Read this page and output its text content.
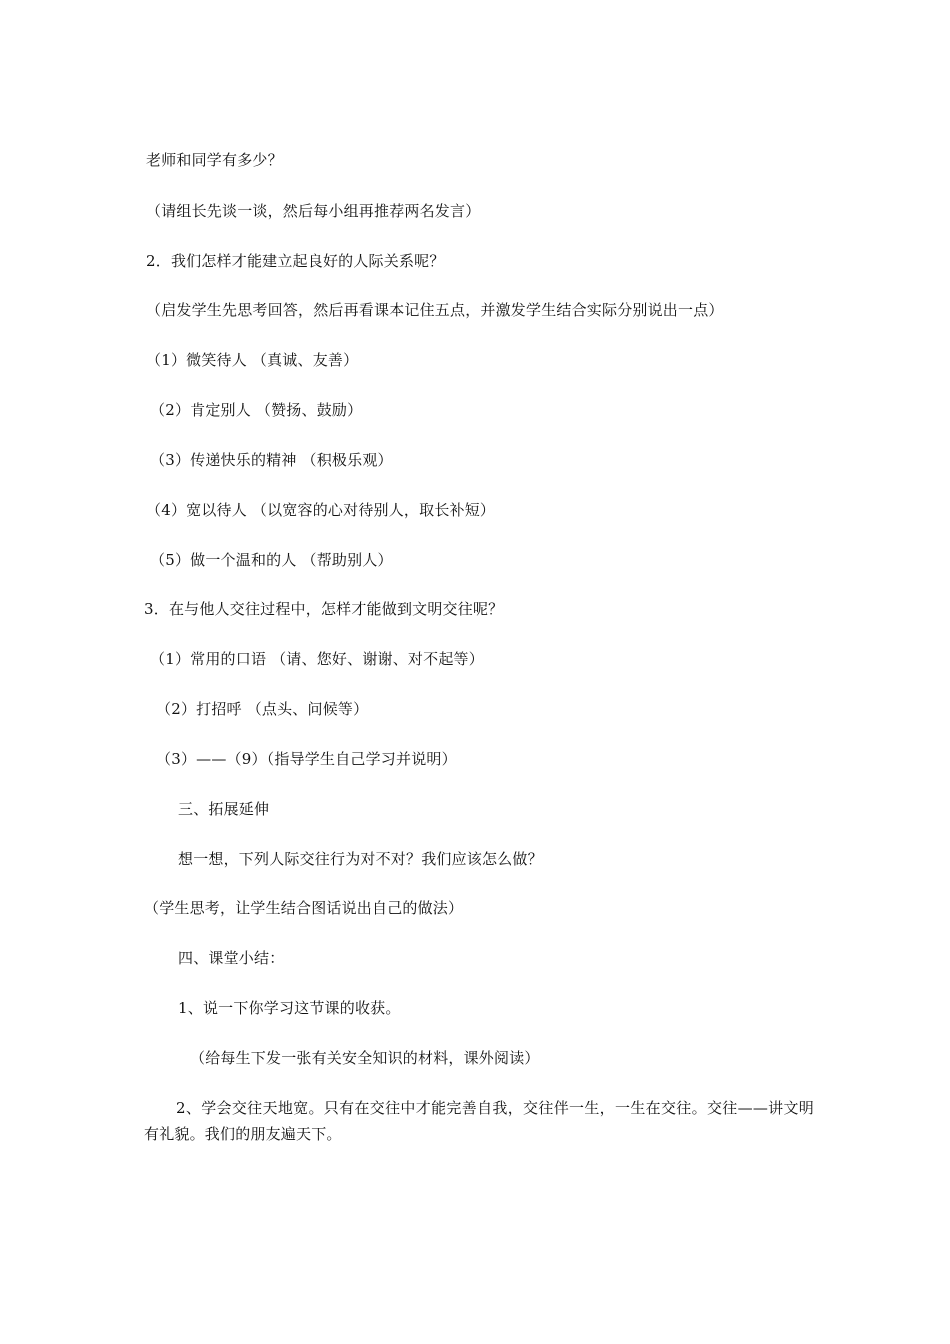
老师和同学有多少？
（请组长先谈一谈，然后每小组再推荐两名发言）
2．我们怎样才能建立起良好的人际关系呢？
（启发学生先思考回答，然后再看课本记住五点，并激发学生结合实际分别说出一点）
（1）微笑待人 （真诚、友善）
（2）肯定别人 （赞扬、鼓励）
（3）传递快乐的精神 （积极乐观）
（4）宽以待人 （以宽容的心对待别人，取长补短）
（5）做一个温和的人 （帮助别人）
3．在与他人交往过程中，怎样才能做到文明交往呢？
（1）常用的口语 （请、您好、谢谢、对不起等）
（2）打招呼 （点头、问候等）
（3）——（9）（指导学生自己学习并说明）
三、拓展延伸
想一想，下列人际交往行为对不对？我们应该怎么做？
（学生思考，让学生结合图话说出自己的做法）
四、课堂小结：
1、说一下你学习这节课的收获。
（给每生下发一张有关安全知识的材料，课外阅读）
2、学会交往天地宽。只有在交往中才能完善自我，交往伴一生，一生在交往。交往——讲文明有礼貌。我们的朋友遍天下。
